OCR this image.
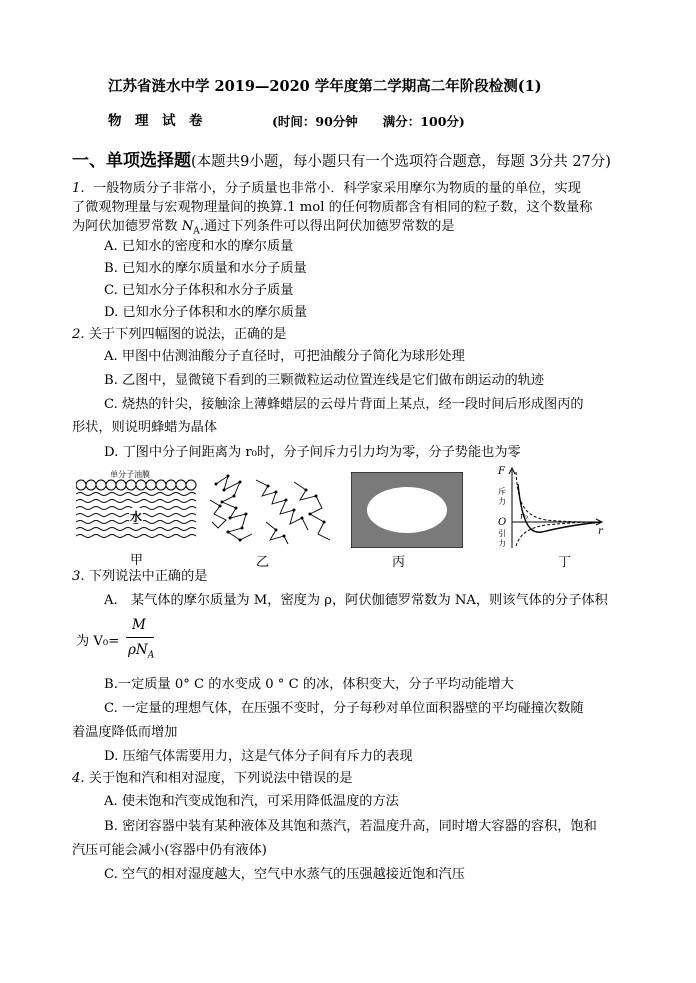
江苏省涟水中学 2019—2020 学年度第二学期高二年阶段检测(1)
物　理　试　卷	(时间：90分钟　　满分：100分)
一、单项选择题(本题共9小题，每小题只有一个选项符合题意，每题 3分共 27分)
1. 一般物质分子非常小，分子质量也非常小．科学家采用摩尔为物质的量的单位，实现
了微观物理量与宏观物理量间的换算.1 mol 的任何物质都含有相同的粒子数，这个数量称
为阿伏加德罗常数 $N_A$.通过下列条件可以得出阿伏加德罗常数的是
A. 已知水的密度和水的摩尔质量
B. 已知水的摩尔质量和水分子质量
C. 已知水分子体积和水分子质量
D. 已知水分子体积和水的摩尔质量
2. 关于下列四幅图的说法，正确的是
A. 甲图中估测油酸分子直径时，可把油酸分子简化为球形处理
B. 乙图中，显微镜下看到的三颗微粒运动位置连线是它们做布朗运动的轨迹
C. 烧热的针尖，接触涂上薄蜂蜡层的云母片背面上某点，经一段时间后形成图丙的
形状，则说明蜂蜡为晶体
D. 丁图中分子间距离为 r₀时，分子间斥力引力均为零，分子势能也为零
单分子油膜
水
F
斥
力
O
引
力
r₀
r
甲	乙	丙	丁
3. 下列说法中正确的是
A.　某气体的摩尔质量为 M，密度为 ρ，阿伏伽德罗常数为 NA，则该气体的分子体积
为 V₀=
M
$\rho N_A$
B.一定质量 0° C 的水变成 0 ° C 的冰，体积变大，分子平均动能增大
C. 一定量的理想气体，在压强不变时，分子每秒对单位面积器壁的平均碰撞次数随
着温度降低而增加
D. 压缩气体需要用力，这是气体分子间有斥力的表现
4. 关于饱和汽和相对湿度，下列说法中错误的是
A. 使未饱和汽变成饱和汽，可采用降低温度的方法
B. 密闭容器中装有某种液体及其饱和蒸汽，若温度升高，同时增大容器的容积，饱和
汽压可能会减小(容器中仍有液体)
C. 空气的相对湿度越大，空气中水蒸气的压强越接近饱和汽压
